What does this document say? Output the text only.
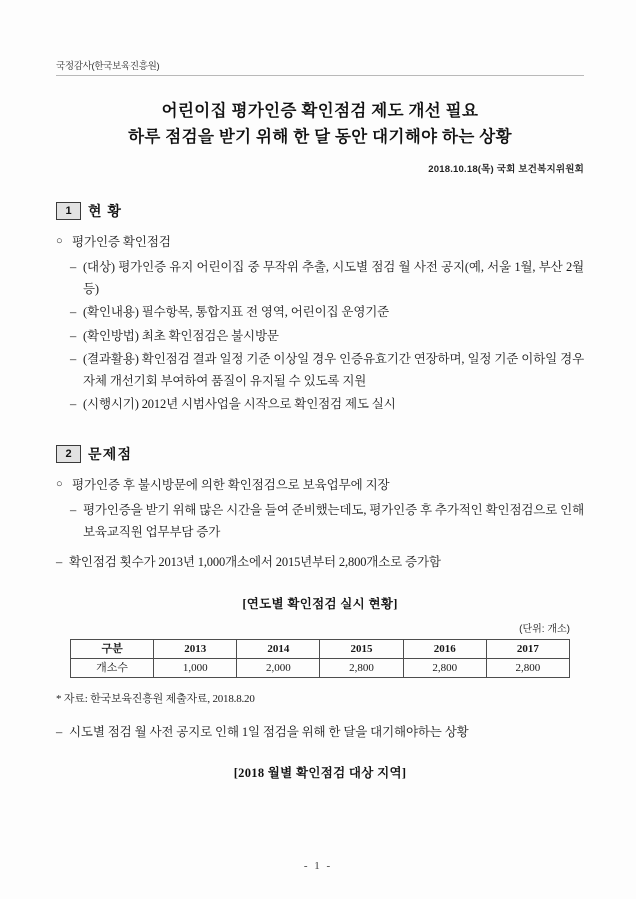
국정감사(한국보육진흥원)
어린이집 평가인증 확인점검 제도 개선 필요
하루 점검을 받기 위해 한 달 동안 대기해야 하는 상황
2018.10.18(목) 국회 보건복지위원회
1	현 황
○ 평가인증 확인점검
– (대상) 평가인증 유지 어린이집 중 무작위 추출, 시도별 점검 월 사전 공지(예, 서울 1월, 부산 2월 등)
– (확인내용) 필수항목, 통합지표 전 영역, 어린이집 운영기준
– (확인방법) 최초 확인점검은 불시방문
– (결과활용) 확인점검 결과 일정 기준 이상일 경우 인증유효기간 연장하며, 일정 기준 이하일 경우 자체 개선기회 부여하여 품질이 유지될 수 있도록 지원
– (시행시기) 2012년 시범사업을 시작으로 확인점검 제도 실시
2	문제점
○ 평가인증 후 불시방문에 의한 확인점검으로 보육업무에 지장
– 평가인증을 받기 위해 많은 시간을 들여 준비했는데도, 평가인증 후 추가적인 확인점검으로 인해 보육교직원 업무부담 증가
– 확인점검 횟수가 2013년 1,000개소에서 2015년부터 2,800개소로 증가함
[연도별 확인점검 실시 현황]
(단위: 개소)
구분	2013	2014	2015	2016	2017
개소수	1,000	2,000	2,800	2,800	2,800
* 자료: 한국보육진흥원 제출자료, 2018.8.20
– 시도별 점검 월 사전 공지로 인해 1일 점검을 위해 한 달을 대기해야하는 상황
[2018 월별 확인점검 대상 지역]
- 1 -
